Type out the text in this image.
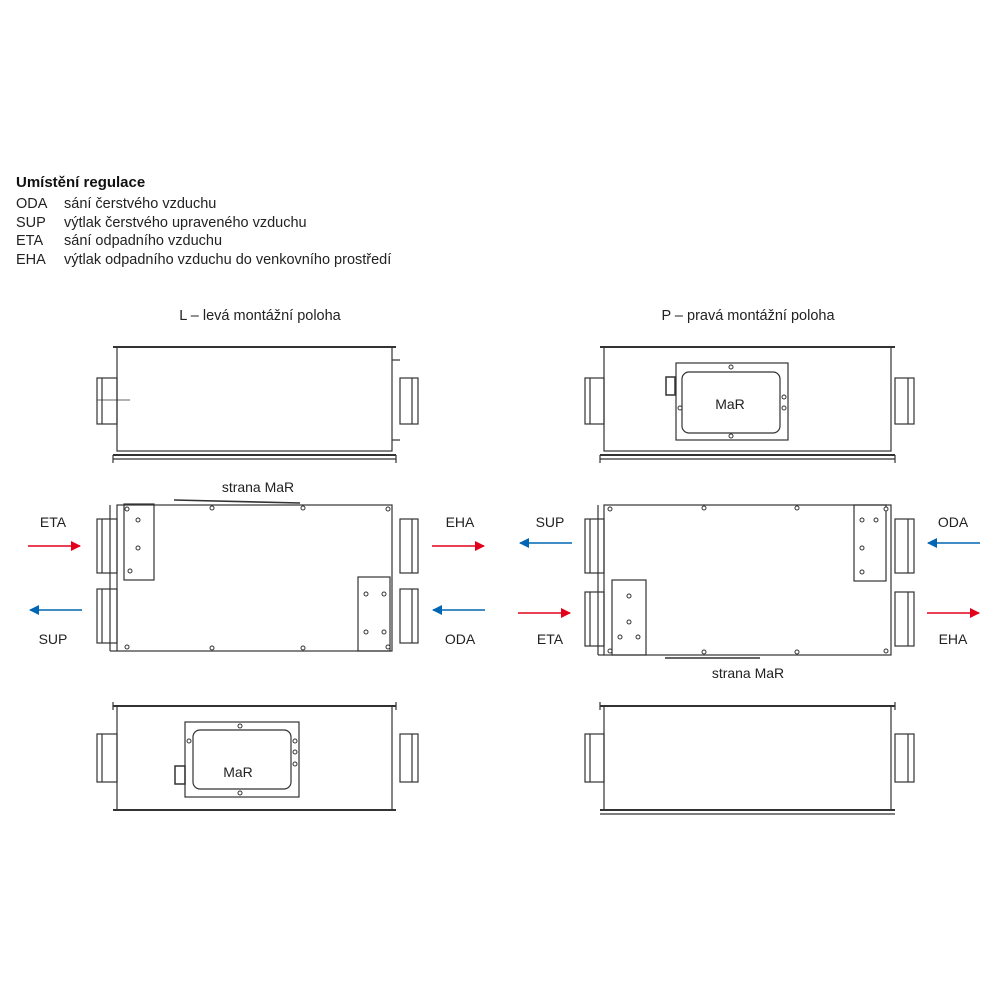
Umístění regulace
ODA sání čerstvého vzduchu
SUP výtlak čerstvého upraveného vzduchu
ETA sání odpadního vzduchu
EHA výtlak odpadního vzduchu do venkovního prostředí
L – levá montážní poloha
strana MaR
ETA	EHA
SUP	ODA
MaR
P – pravá montážní poloha
MaR
strana MaR
SUP	ODA
ETA	EHA
